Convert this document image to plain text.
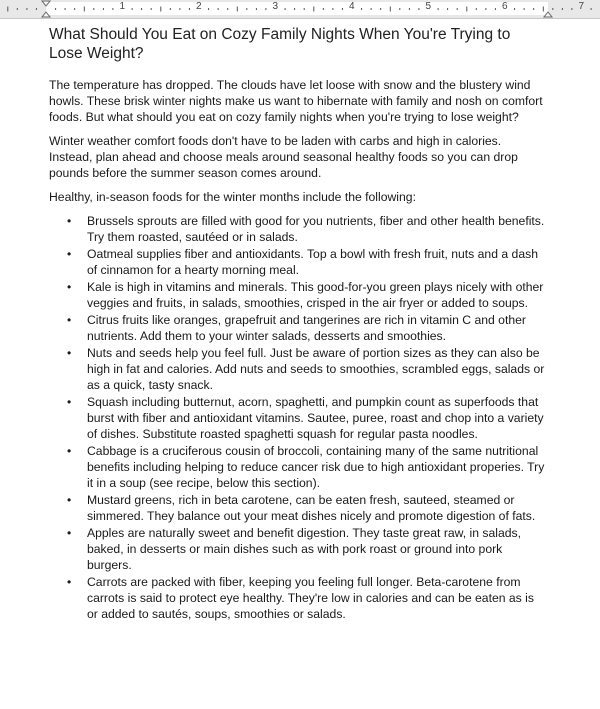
1	2	3	4	5	6	7
What Should You Eat on Cozy Family Nights When You're Trying to Lose Weight?

The temperature has dropped. The clouds have let loose with snow and the blustery wind howls. These brisk winter nights make us want to hibernate with family and nosh on comfort foods. But what should you eat on cozy family nights when you're trying to lose weight?

Winter weather comfort foods don't have to be laden with carbs and high in calories. Instead, plan ahead and choose meals around seasonal healthy foods so you can drop pounds before the summer season comes around.

Healthy, in-season foods for the winter months include the following:

• Brussels sprouts are filled with good for you nutrients, fiber and other health benefits. Try them roasted, sautéed or in salads.
• Oatmeal supplies fiber and antioxidants. Top a bowl with fresh fruit, nuts and a dash of cinnamon for a hearty morning meal.
• Kale is high in vitamins and minerals. This good-for-you green plays nicely with other veggies and fruits, in salads, smoothies, crisped in the air fryer or added to soups.
• Citrus fruits like oranges, grapefruit and tangerines are rich in vitamin C and other nutrients. Add them to your winter salads, desserts and smoothies.
• Nuts and seeds help you feel full. Just be aware of portion sizes as they can also be high in fat and calories. Add nuts and seeds to smoothies, scrambled eggs, salads or as a quick, tasty snack.
• Squash including butternut, acorn, spaghetti, and pumpkin count as superfoods that burst with fiber and antioxidant vitamins. Sautee, puree, roast and chop into a variety of dishes. Substitute roasted spaghetti squash for regular pasta noodles.
• Cabbage is a cruciferous cousin of broccoli, containing many of the same nutritional benefits including helping to reduce cancer risk due to high antioxidant properies. Try it in a soup (see recipe, below this section).
• Mustard greens, rich in beta carotene, can be eaten fresh, sauteed, steamed or simmered. They balance out your meat dishes nicely and promote digestion of fats.
• Apples are naturally sweet and benefit digestion. They taste great raw, in salads, baked, in desserts or main dishes such as with pork roast or ground into pork burgers.
• Carrots are packed with fiber, keeping you feeling full longer. Beta-carotene from carrots is said to protect eye healthy. They're low in calories and can be eaten as is or added to sautés, soups, smoothies or salads.
